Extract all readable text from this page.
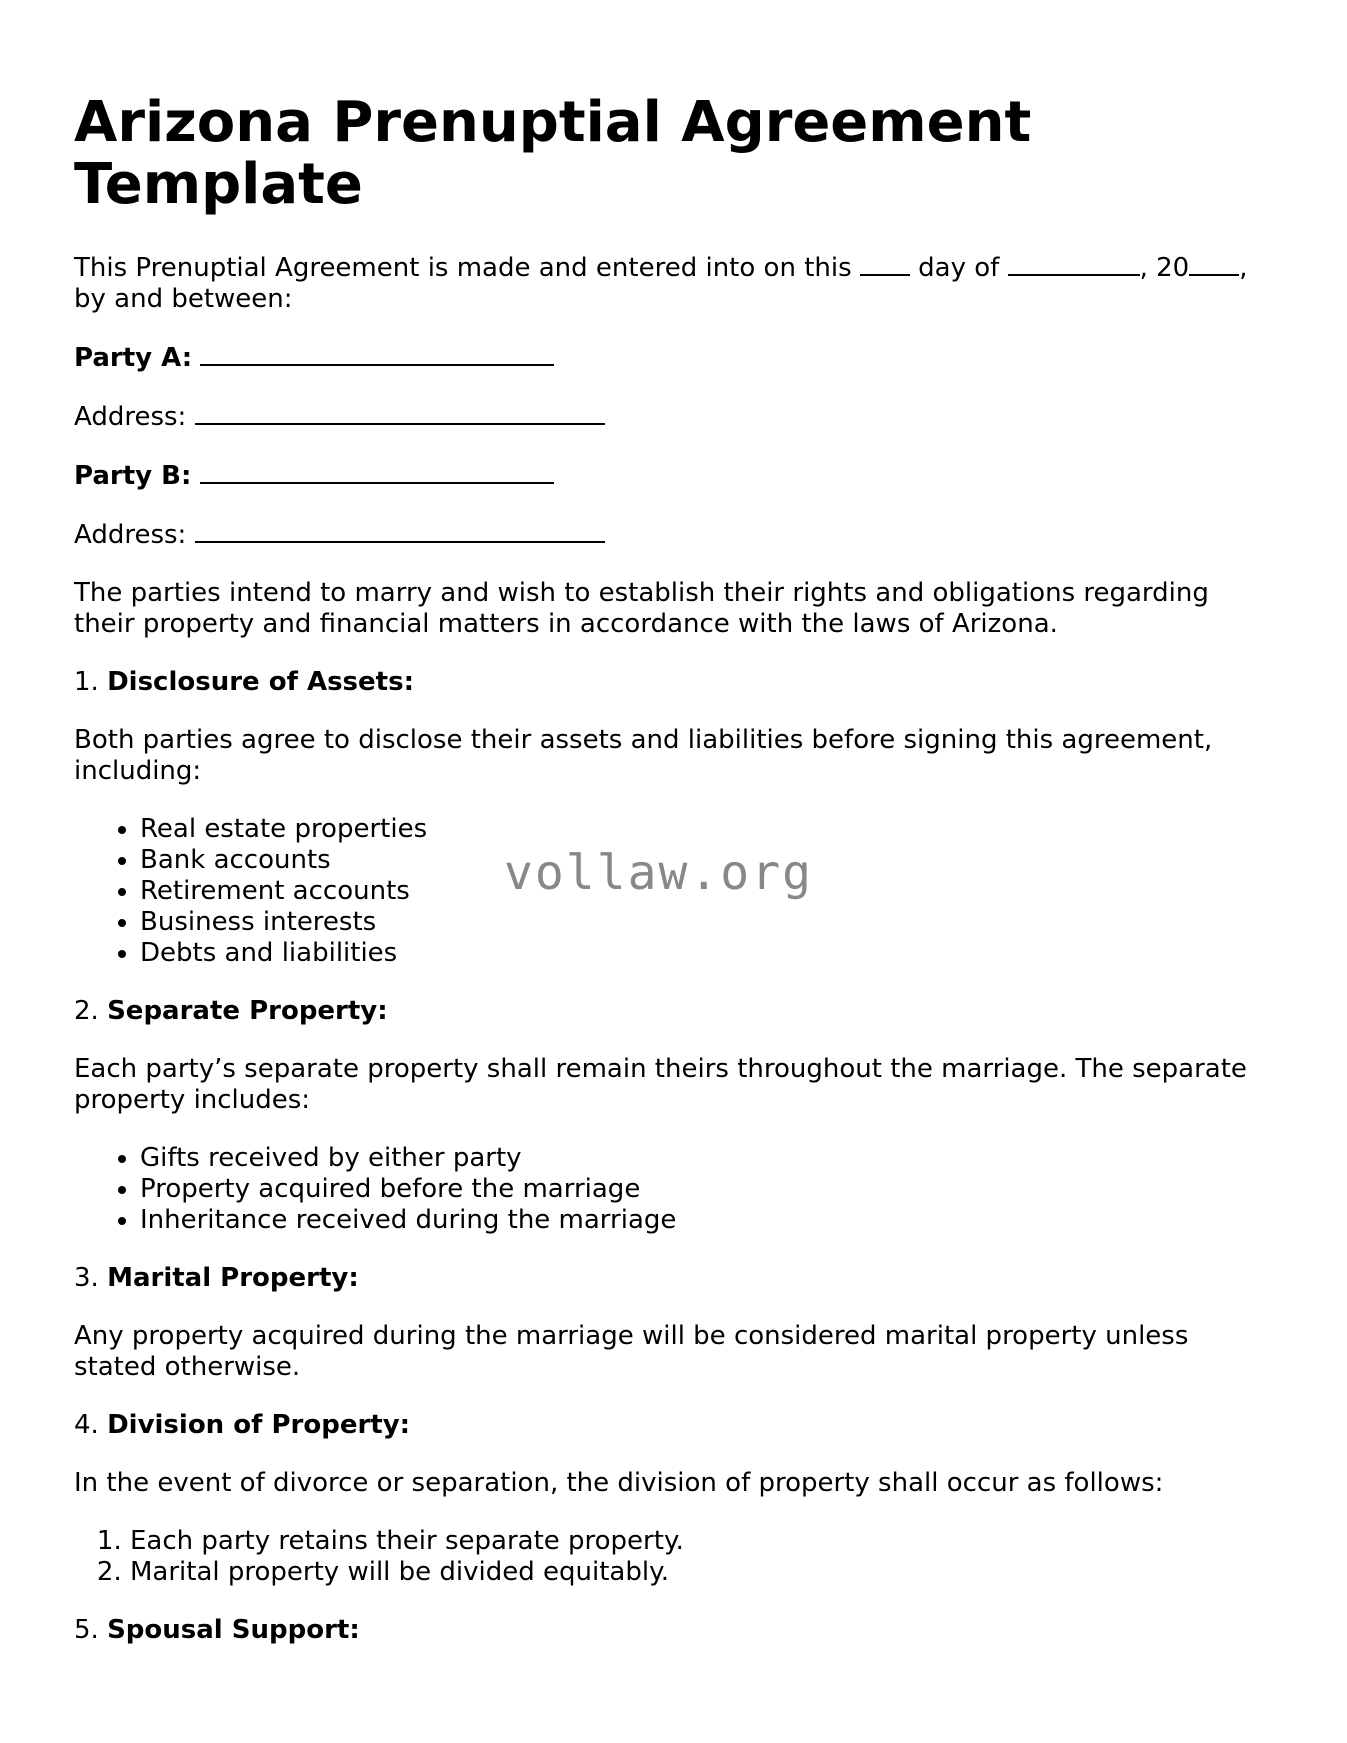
Arizona Prenuptial Agreement Template

This Prenuptial Agreement is made and entered into on this	day of	, 20 ,
by and between:

Party A:

Address:

Party B:

Address:

The parties intend to marry and wish to establish their rights and obligations regarding their property and financial matters in accordance with the laws of Arizona.

1. Disclosure of Assets:

Both parties agree to disclose their assets and liabilities before signing this agreement, including:

• Real estate properties
• Bank accounts
• Retirement accounts
• Business interests
• Debts and liabilities

2. Separate Property:

Each party’s separate property shall remain theirs throughout the marriage. The separate property includes:

• Gifts received by either party
• Property acquired before the marriage
• Inheritance received during the marriage

3. Marital Property:

Any property acquired during the marriage will be considered marital property unless stated otherwise.

4. Division of Property:

In the event of divorce or separation, the division of property shall occur as follows:

1. Each party retains their separate property.
2. Marital property will be divided equitably.

5. Spousal Support:

vollaw.org
